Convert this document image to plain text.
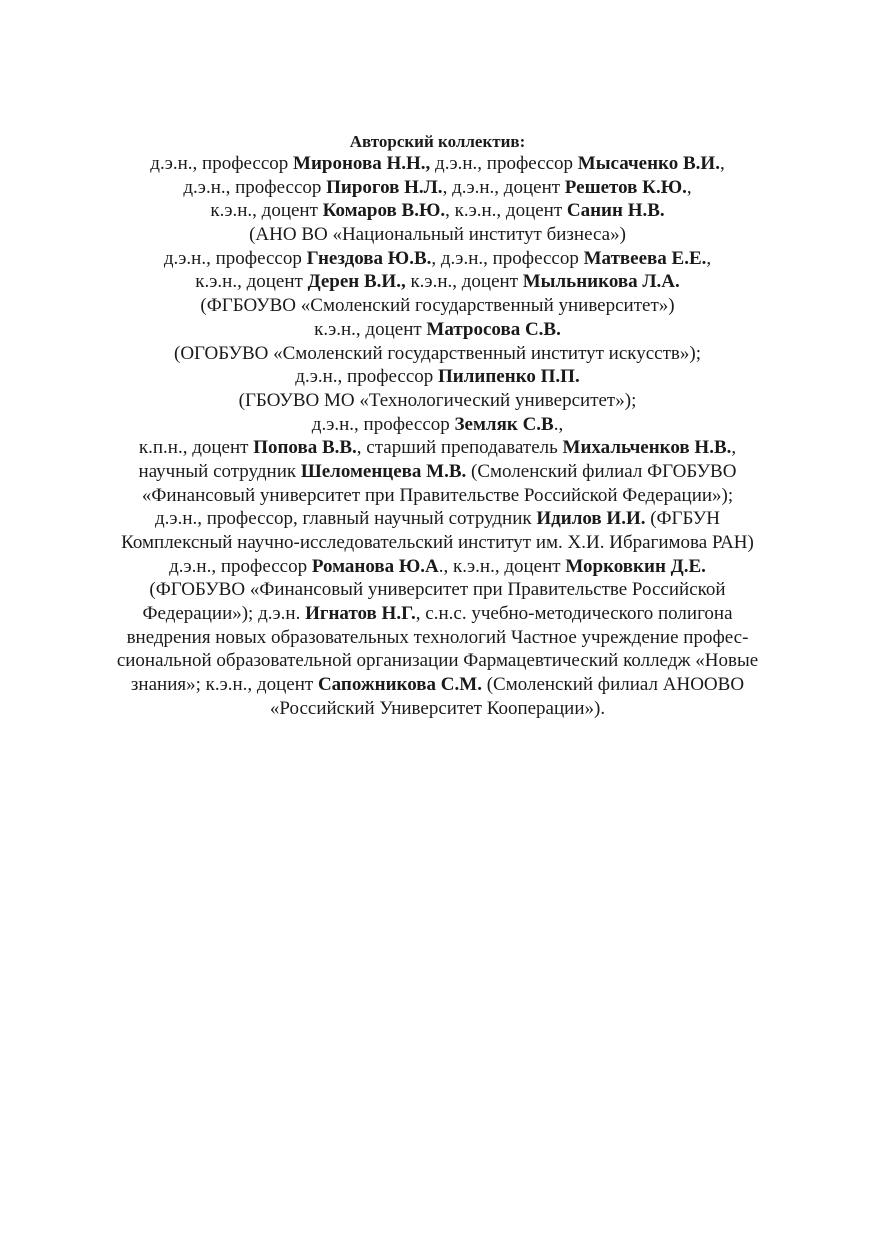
Авторский коллектив:
д.э.н., профессор Миронова Н.Н., д.э.н., профессор Мысаченко В.И.,
д.э.н., профессор Пирогов Н.Л., д.э.н., доцент Решетов К.Ю.,
к.э.н., доцент Комаров В.Ю., к.э.н., доцент Санин Н.В.
(АНО ВО «Национальный институт бизнеса»)
д.э.н., профессор Гнездова Ю.В., д.э.н., профессор Матвеева Е.Е.,
к.э.н., доцент Дерен В.И., к.э.н., доцент Мыльникова Л.А.
(ФГБОУВО «Смоленский государственный университет»)
к.э.н., доцент Матросова С.В.
(ОГОБУВО «Смоленский государственный институт искусств»);
д.э.н., профессор Пилипенко П.П.
(ГБОУВО МО «Технологический университет»);
д.э.н., профессор Земляк С.В.,
к.п.н., доцент Попова В.В., старший преподаватель Михальченков Н.В.,
научный сотрудник Шеломенцева М.В. (Смоленский филиал ФГОБУВО
«Финансовый университет при Правительстве Российской Федерации»);
д.э.н., профессор, главный научный сотрудник Идилов И.И. (ФГБУН
Комплексный научно-исследовательский институт им. Х.И. Ибрагимова РАН)
д.э.н., профессор Романова Ю.А., к.э.н., доцент Морковкин Д.Е.
(ФГОБУВО «Финансовый университет при Правительстве Российской
Федерации»); д.э.н. Игнатов Н.Г., с.н.с. учебно-методического полигона
внедрения новых образовательных технологий Частное учреждение профес-
сиональной образовательной организации Фармацевтический колледж «Новые
знания»; к.э.н., доцент Сапожникова С.М. (Смоленский филиал АНООВО
«Российский Университет Кооперации»).
